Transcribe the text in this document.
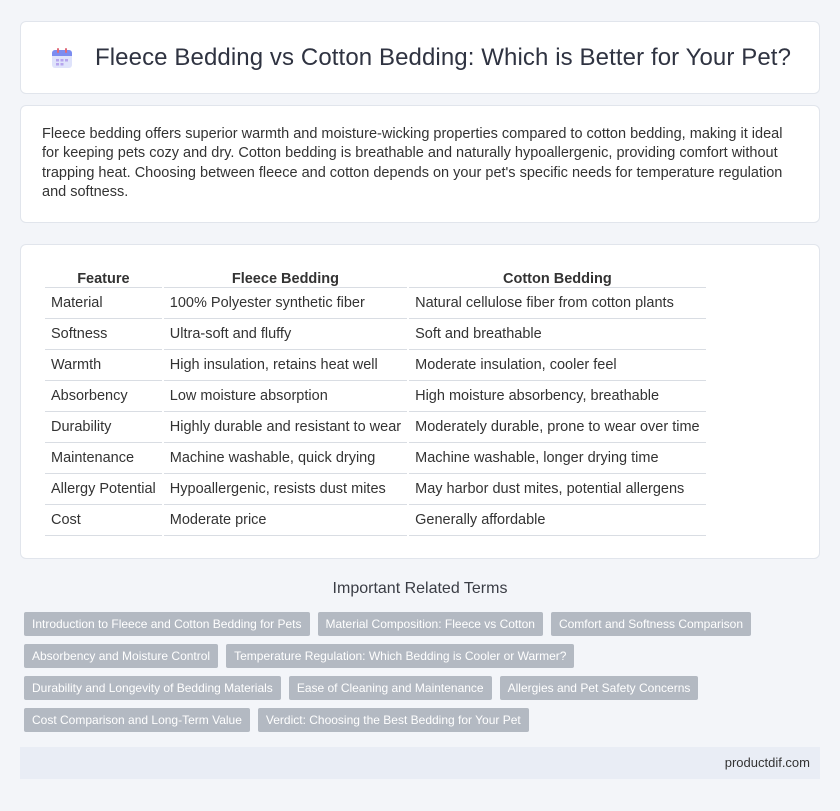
Fleece Bedding vs Cotton Bedding: Which is Better for Your Pet?

Fleece bedding offers superior warmth and moisture-wicking properties compared to cotton bedding, making it ideal for keeping pets cozy and dry. Cotton bedding is breathable and naturally hypoallergenic, providing comfort without trapping heat. Choosing between fleece and cotton depends on your pet's specific needs for temperature regulation and softness.

Feature	Fleece Bedding	Cotton Bedding
Material	100% Polyester synthetic fiber	Natural cellulose fiber from cotton plants
Softness	Ultra-soft and fluffy	Soft and breathable
Warmth	High insulation, retains heat well	Moderate insulation, cooler feel
Absorbency	Low moisture absorption	High moisture absorbency, breathable
Durability	Highly durable and resistant to wear	Moderately durable, prone to wear over time
Maintenance	Machine washable, quick drying	Machine washable, longer drying time
Allergy Potential	Hypoallergenic, resists dust mites	May harbor dust mites, potential allergens
Cost	Moderate price	Generally affordable
Important Related Terms
Introduction to Fleece and Cotton Bedding for Pets	Material Composition: Fleece vs Cotton	Comfort and Softness Comparison
Absorbency and Moisture Control	Temperature Regulation: Which Bedding is Cooler or Warmer?
Durability and Longevity of Bedding Materials	Ease of Cleaning and Maintenance	Allergies and Pet Safety Concerns
Cost Comparison and Long-Term Value	Verdict: Choosing the Best Bedding for Your Pet
productdif.com
